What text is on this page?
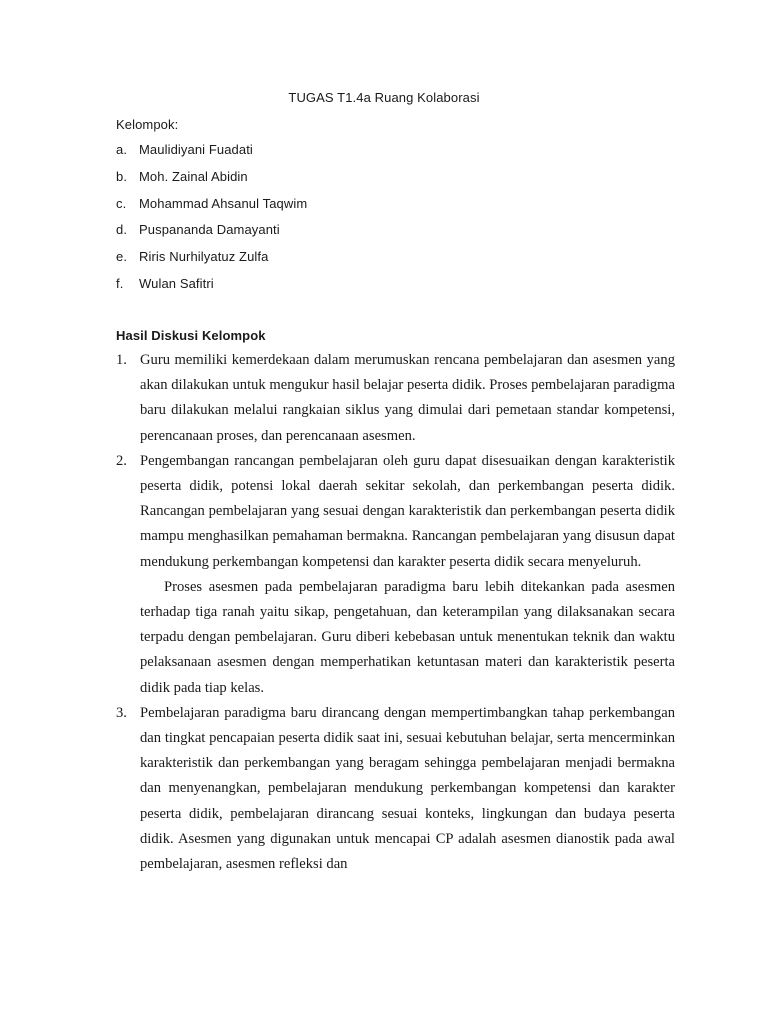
TUGAS T1.4a Ruang Kolaborasi
Kelompok:
a. Maulidiyani Fuadati
b. Moh. Zainal Abidin
c. Mohammad Ahsanul Taqwim
d. Puspananda Damayanti
e. Riris Nurhilyatuz Zulfa
f. Wulan Safitri
Hasil Diskusi Kelompok
1. Guru memiliki kemerdekaan dalam merumuskan rencana pembelajaran dan asesmen yang akan dilakukan untuk mengukur hasil belajar peserta didik. Proses pembelajaran paradigma baru dilakukan melalui rangkaian siklus yang dimulai dari pemetaan standar kompetensi, perencanaan proses, dan perencanaan asesmen.

2. Pengembangan rancangan pembelajaran oleh guru dapat disesuaikan dengan karakteristik peserta didik, potensi lokal daerah sekitar sekolah, dan perkembangan peserta didik. Rancangan pembelajaran yang sesuai dengan karakteristik dan perkembangan peserta didik mampu menghasilkan pemahaman bermakna. Rancangan pembelajaran yang disusun dapat mendukung perkembangan kompetensi dan karakter peserta didik secara menyeluruh.

Proses asesmen pada pembelajaran paradigma baru lebih ditekankan pada asesmen terhadap tiga ranah yaitu sikap, pengetahuan, dan keterampilan yang dilaksanakan secara terpadu dengan pembelajaran. Guru diberi kebebasan untuk menentukan teknik dan waktu pelaksanaan asesmen dengan memperhatikan ketuntasan materi dan karakteristik peserta didik pada tiap kelas.

3. Pembelajaran paradigma baru dirancang dengan mempertimbangkan tahap perkembangan dan tingkat pencapaian peserta didik saat ini, sesuai kebutuhan belajar, serta mencerminkan karakteristik dan perkembangan yang beragam sehingga pembelajaran menjadi bermakna dan menyenangkan, pembelajaran mendukung perkembangan kompetensi dan karakter peserta didik, pembelajaran dirancang sesuai konteks, lingkungan dan budaya peserta didik. Asesmen yang digunakan untuk mencapai CP adalah asesmen dianostik pada awal pembelajaran, asesmen refleksi dan
